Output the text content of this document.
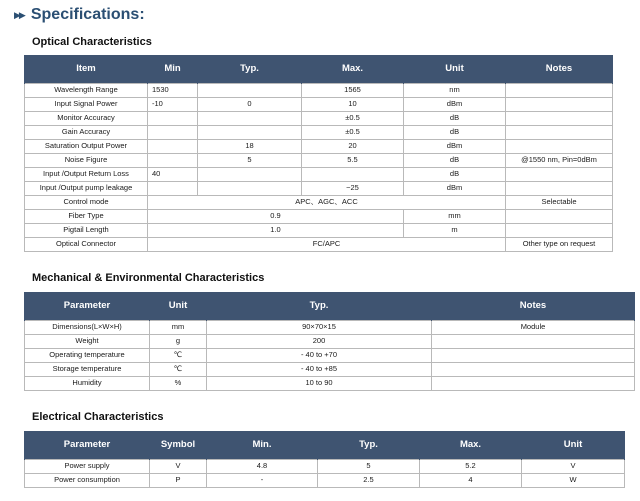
▶▶ Specifications:
Optical Characteristics
Item	Min	Typ.	Max.	Unit	Notes
Wavelength Range	1530		1565	nm	
Input Signal Power	-10	0	10	dBm	
Monitor Accuracy			±0.5	dB	
Gain Accuracy			±0.5	dB	
Saturation Output Power		18	20	dBm	
Noise Figure		5	5.5	dB	@1550 nm, Pin=0dBm
Input /Output Return Loss	40			dB	
Input /Output pump leakage			−25	dBm	
Control mode	APC、AGC、ACC				Selectable
Fiber Type	0.9			mm	
Pigtail Length	1.0			m	
Optical Connector	FC/APC				Other type on request
Mechanical & Environmental Characteristics
Parameter	Unit	Typ.	Notes
Dimensions(L×W×H)	mm	90×70×15	Module
Weight	g	200	
Operating temperature	℃	- 40 to +70	
Storage temperature	℃	- 40 to +85	
Humidity	%	10 to 90	
Electrical Characteristics
Parameter	Symbol	Min.	Typ.	Max.	Unit
Power supply	V	4.8	5	5.2	V
Power consumption	P	-	2.5	4	W
